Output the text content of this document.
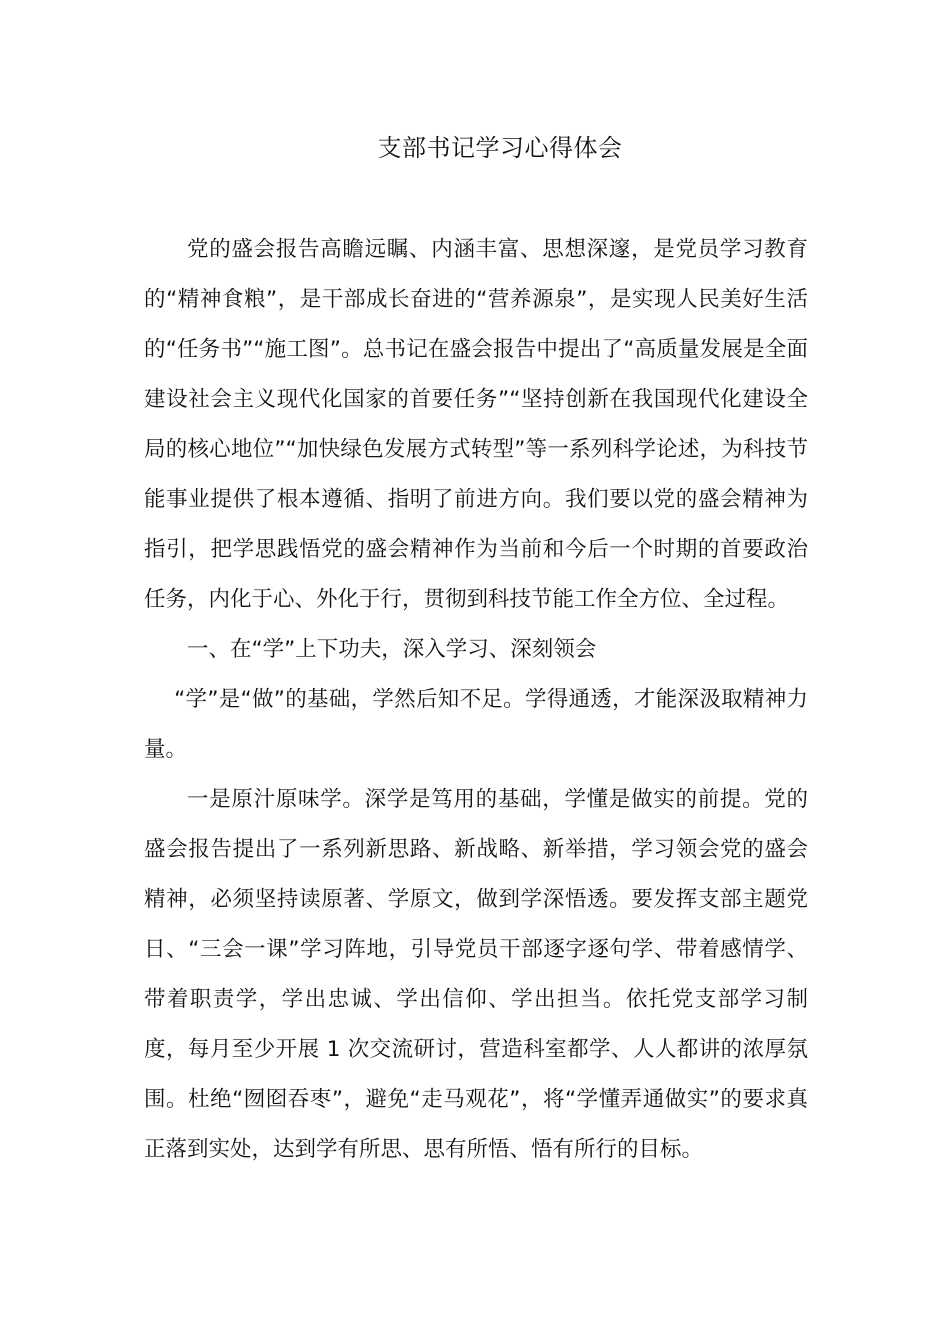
支部书记学习心得体会

党的盛会报告高瞻远瞩、内涵丰富、思想深邃，是党员学习教育的“精神食粮”，是干部成长奋进的“营养源泉”，是实现人民美好生活的“任务书”“施工图”。总书记在盛会报告中提出了“高质量发展是全面建设社会主义现代化国家的首要任务”“坚持创新在我国现代化建设全局的核心地位”“加快绿色发展方式转型”等一系列科学论述，为科技节能事业提供了根本遵循、指明了前进方向。我们要以党的盛会精神为指引，把学思践悟党的盛会精神作为当前和今后一个时期的首要政治任务，内化于心、外化于行，贯彻到科技节能工作全方位、全过程。

一、在“学”上下功夫，深入学习、深刻领会

“学”是“做”的基础，学然后知不足。学得通透，才能深汲取精神力量。

一是原汁原味学。深学是笃用的基础，学懂是做实的前提。党的盛会报告提出了一系列新思路、新战略、新举措，学习领会党的盛会精神，必须坚持读原著、学原文，做到学深悟透。要发挥支部主题党日、“三会一课”学习阵地，引导党员干部逐字逐句学、带着感情学、带着职责学，学出忠诚、学出信仰、学出担当。依托党支部学习制度，每月至少开展 1 次交流研讨，营造科室都学、人人都讲的浓厚氛围。杜绝“囫囵吞枣”，避免“走马观花”，将“学懂弄通做实”的要求真正落到实处，达到学有所思、思有所悟、悟有所行的目标。
